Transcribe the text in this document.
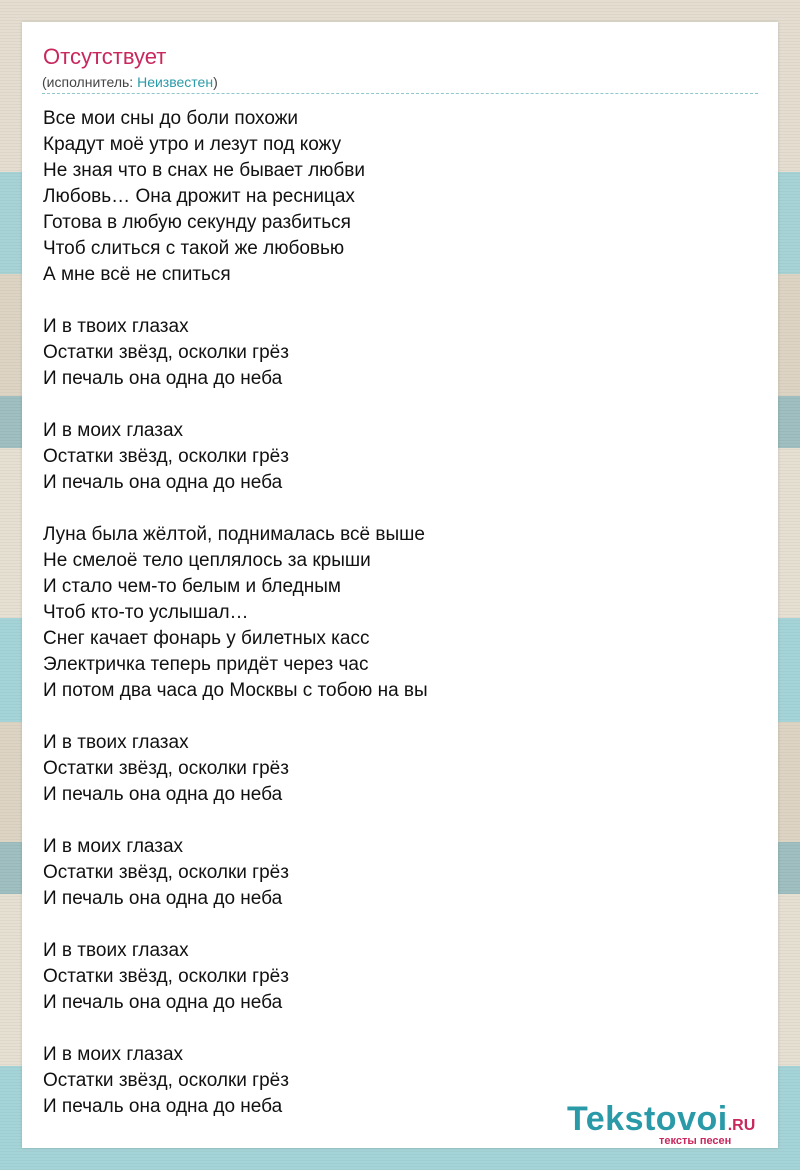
Отсутствует
(исполнитель: Неизвестен)
Все мои сны до боли похожи
Крадут моё утро и лезут под кожу
Не зная что в снах не бывает любви
Любовь… Она дрожит на ресницах
Готова в любую секунду разбиться
Чтоб слиться с такой же любовью
А мне всё не спиться
И в твоих глазах
Остатки звёзд, осколки грёз
И печаль она одна до неба
И в моих глазах
Остатки звёзд, осколки грёз
И печаль она одна до неба
Луна была жёлтой, поднималась всё выше
Не смелоё тело цеплялось за крыши
И стало чем-то белым и бледным
Чтоб кто-то услышал…
Снег качает фонарь у билетных касс
Электричка теперь придёт через час
И потом два часа до Москвы с тобою на вы
И в твоих глазах
Остатки звёзд, осколки грёз
И печаль она одна до неба
И в моих глазах
Остатки звёзд, осколки грёз
И печаль она одна до неба
И в твоих глазах
Остатки звёзд, осколки грёз
И печаль она одна до неба
И в моих глазах
Остатки звёзд, осколки грёз
И печаль она одна до неба	Tekstovoi.RU
тексты песен
